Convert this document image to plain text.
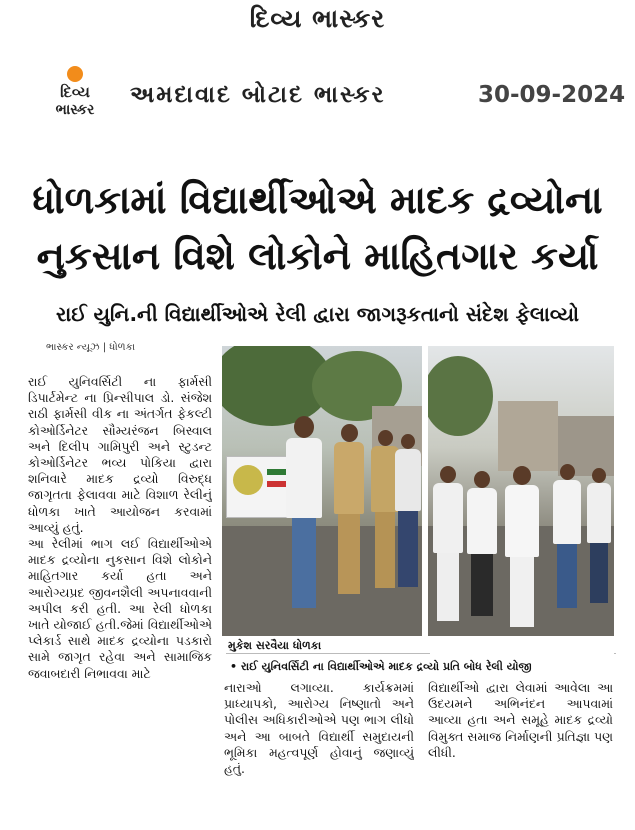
દિવ્ય ભાસ્કર
દિવ્ય
ભાસ્કર
અમદાવાદ બોટાદ ભાસ્કર	30-09-2024
ધોળકામાં વિદ્યાર્થીઓએ માદક દ્રવ્યોના
નુકસાન વિશે લોકોને માહિતગાર કર્યા
રાઈ યુનિ.ની વિદ્યાર્થીઓએ રેલી દ્વારા જાગરૂકતાનો સંદેશ ફેલાવ્યો
ભાસ્કર ન્યૂઝ | ધોળકા
રાઈ યુનિવર્સિટી ના ફાર્મસી ડિપાર્ટમેન્ટ ના પ્રિન્સીપાલ ડો. સંજેશ રાઠી ફાર્મસી વીક ના અંતર્ગત ફેકલ્ટી કોઓર્ડિનેટર સૌમ્યરંજન બિસ્વાલ અને દિલીપ ગામિપુરી અને સ્ટુડન્ટ કોઓર્ડિનેટર ભવ્ય પોકિયા દ્વારા શનિવારે માદક દ્રવ્યો વિરુદ્ધ જાગૃતતા ફેલાવવા માટે વિશાળ રેલીનું ધોળકા ખાતે આયોજન કરવામાં આવ્યું હતું.
આ રેલીમાં ભાગ લઈ વિદ્યાર્થીઓએ માદક દ્રવ્યોના નુકસાન વિશે લોકોને માહિતગાર કર્યા હતા અને આરોગ્યપ્રદ જીવનશૈલી અપનાવવાની અપીલ કરી હતી. આ રેલી ધોળકા ખાતે યોજાઈ હતી.જેમાં વિદ્યાર્થીઓએ પ્લેકાર્ડ સાથે માદક દ્રવ્યોના પડકારો સામે જાગૃત રહેવા અને સામાજિક જવાબદારી નિભાવવા માટે
મુકેશ સરવૈયા ધોળકા
નારાઓ લગાવ્યા. કાર્યક્રમમાં પ્રાધ્યાપકો, આરોગ્ય નિષ્ણાતો અને પોલીસ અધિકારીઓએ પણ ભાગ લીધો અને આ બાબતે વિદ્યાર્થી સમુદાયની ભૂમિકા મહત્વપૂર્ણ હોવાનું જણાવ્યું હતું.
વિદ્યાર્થીઓ દ્વારા લેવામાં આવેલા આ ઉદયમને અભિનંદન આપવામાં આવ્યા હતા અને સમૂહે માદક દ્રવ્યો વિમુક્ત સમાજ નિર્માણની પ્રતિજ્ઞા પણ લીધી.
• રાઈ યુનિવર્સિટી ના વિદ્યાર્થીઓએ માદક દ્રવ્યો પ્રતિ બોધ રેલી યોજી
